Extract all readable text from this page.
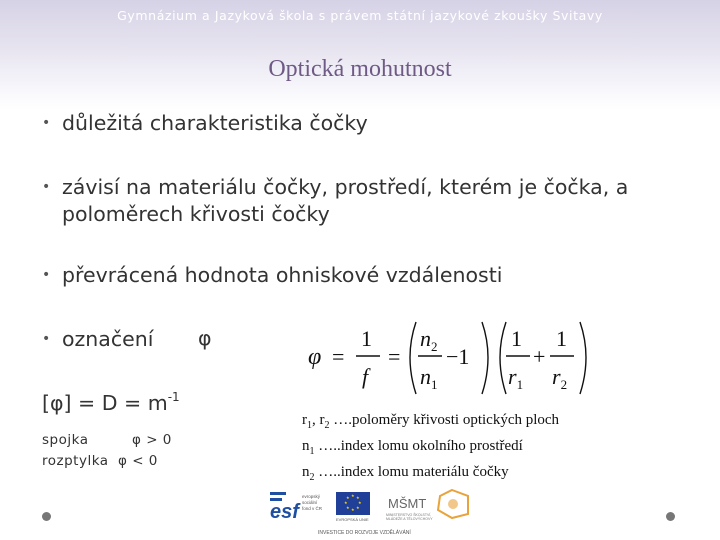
Gymnázium a Jazyková škola s právem státní jazykové zkoušky Svitavy
Optická mohutnost
• důležitá charakteristika čočky
• závisí na materiálu čočky, prostředí, kterém je čočka, a poloměrech křivosti čočky
• převrácená hodnota ohniskové vzdálenosti
• označení	φ
$[\varphi] = D = m^{-1}$
spojka	φ > 0
rozptylka φ < 0
φ =
1
f
=
$n_2$
$n_1$
−1
1
$r_1$
+
1
$r_2$
$r_1$, $r_2$ ….poloměry křivosti optických ploch
$n_1$ …..index lomu okolního prostředí
$n_2$ …..index lomu materiálu čočky
esf
evropský
sociální
fond v ČR
★ ★
★
★
★
★
★
★
EVROPSKÁ UNIE
MŠMT
MINISTERSTVO ŠKOLSTVÍ,
MLÁDEŽE A TĚLOVÝCHOVY
INVESTICE DO ROZVOJE VZDĚLÁVÁNÍ
